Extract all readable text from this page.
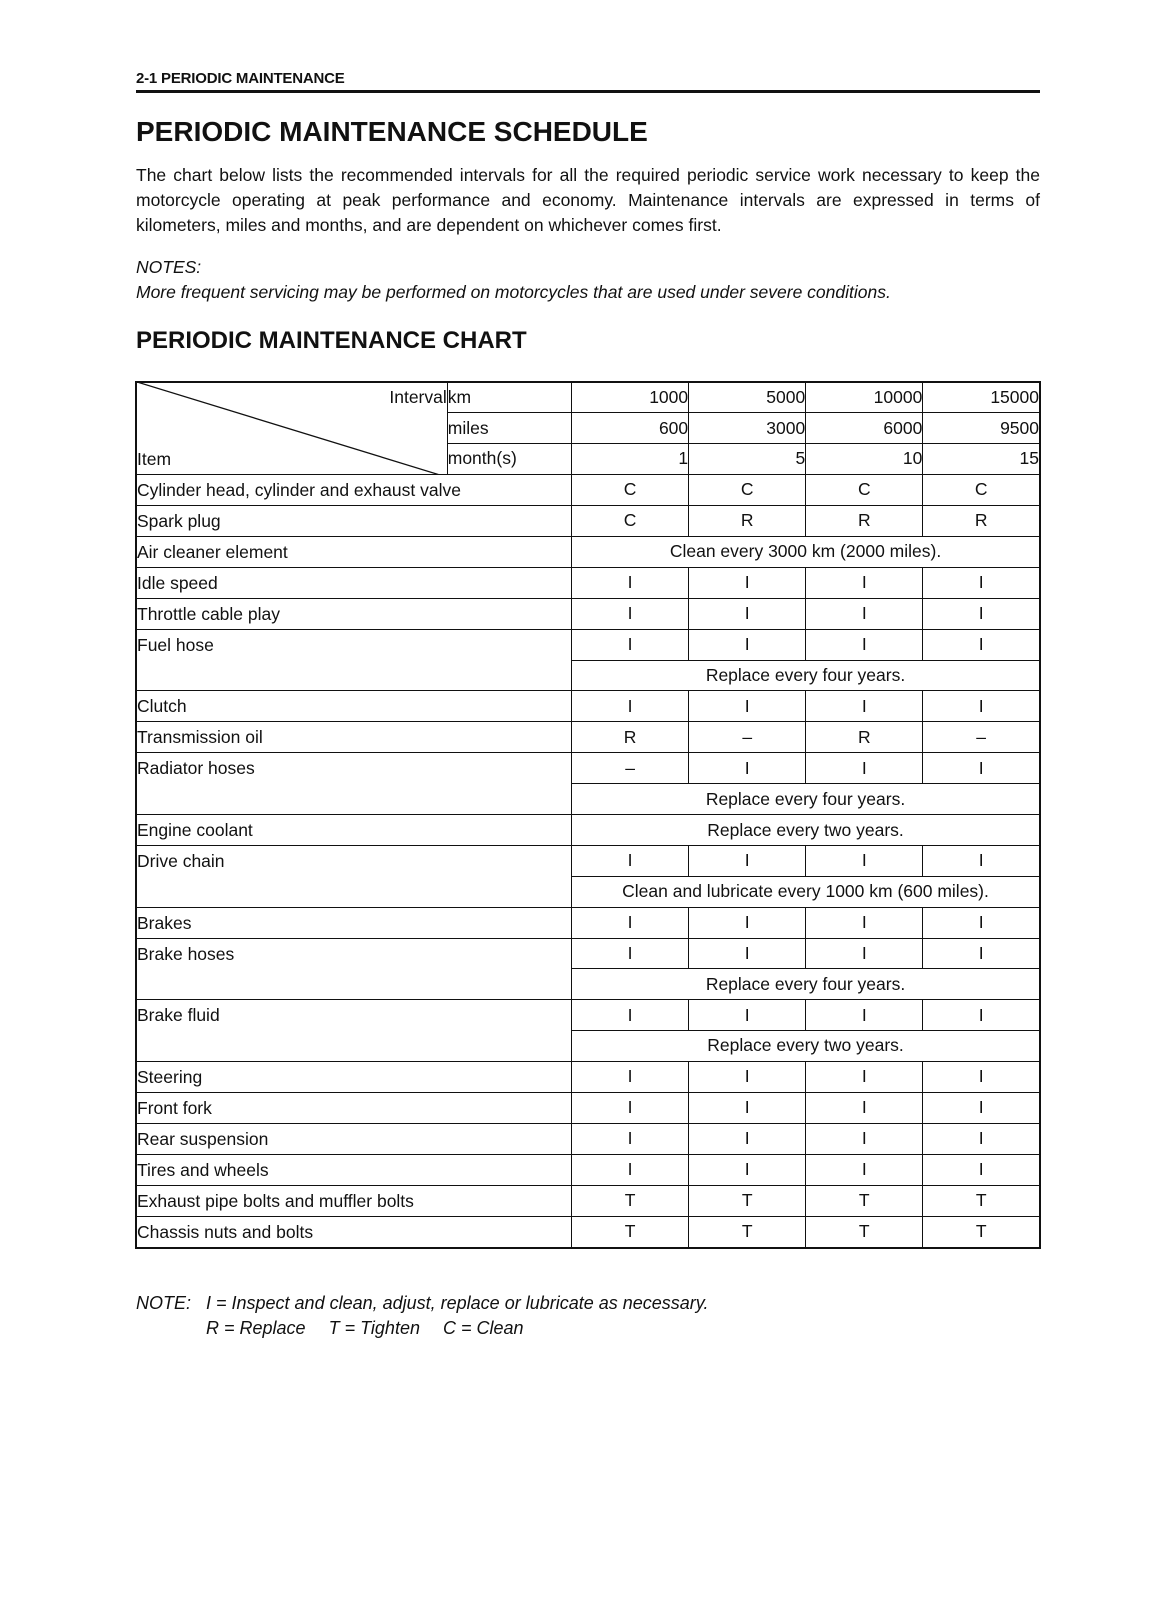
2-1 PERIODIC MAINTENANCE
PERIODIC MAINTENANCE SCHEDULE

The chart below lists the recommended intervals for all the required periodic service work necessary to keep the motorcycle operating at peak performance and economy. Maintenance intervals are expressed in terms of kilometers, miles and months, and are dependent on whichever comes first.

NOTES:

More frequent servicing may be performed on motorcycles that are used under severe conditions.

PERIODIC MAINTENANCE CHART
Interval	km	1000	5000	10000	15000
	miles	600	3000	6000	9500

Item	month(s)	1	5	10	15
Cylinder head, cylinder and exhaust valve		C	C	C	C
Spark plug		C	R	R	R
Air cleaner element		Clean every 3000 km (2000 miles).			
Idle speed		I	I	I	I
Throttle cable play		I	I	I	I
Fuel hose		I	I	I	I
		Replace every four years.			
Clutch		I	I	I	I
Transmission oil		R	–	R	–
Radiator hoses		–	I	I	I
		Replace every four years.			
Engine coolant		Replace every two years.			
Drive chain		I	I	I	I
		Clean and lubricate every 1000 km (600 miles).			
Brakes		I	I	I	I
Brake hoses		I	I	I	I
		Replace every four years.			
Brake fluid		I	I	I	I
		Replace every two years.			
Steering		I	I	I	I
Front fork		I	I	I	I
Rear suspension		I	I	I	I
Tires and wheels		I	I	I	I
Exhaust pipe bolts and muffler bolts		T	T	T	T
Chassis nuts and bolts		T	T	T	T

NOTE: I = Inspect and clean, adjust, replace or lubricate as necessary.

R = Replace T = Tighten C = Clean
